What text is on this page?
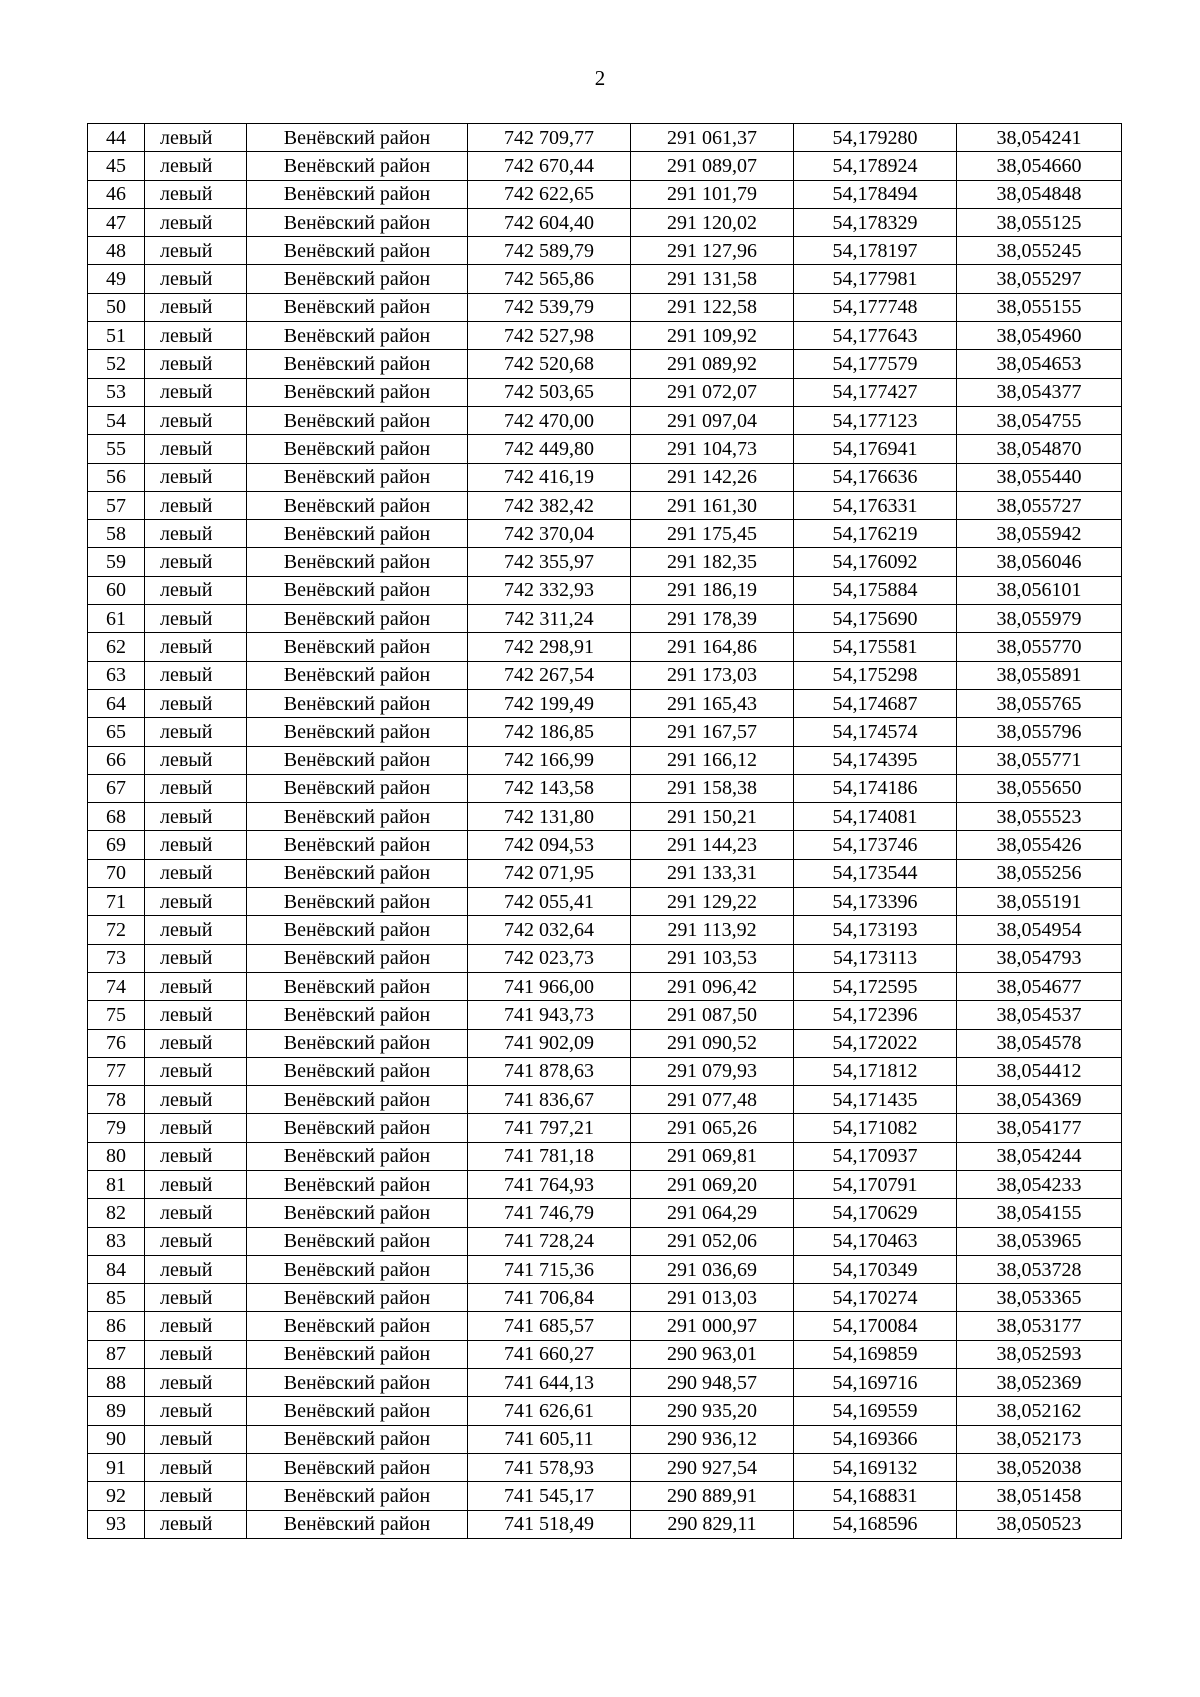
2
44	левый	Венёвский район	742 709,77	291 061,37	54,179280	38,054241
45	левый	Венёвский район	742 670,44	291 089,07	54,178924	38,054660
46	левый	Венёвский район	742 622,65	291 101,79	54,178494	38,054848
47	левый	Венёвский район	742 604,40	291 120,02	54,178329	38,055125
48	левый	Венёвский район	742 589,79	291 127,96	54,178197	38,055245
49	левый	Венёвский район	742 565,86	291 131,58	54,177981	38,055297
50	левый	Венёвский район	742 539,79	291 122,58	54,177748	38,055155
51	левый	Венёвский район	742 527,98	291 109,92	54,177643	38,054960
52	левый	Венёвский район	742 520,68	291 089,92	54,177579	38,054653
53	левый	Венёвский район	742 503,65	291 072,07	54,177427	38,054377
54	левый	Венёвский район	742 470,00	291 097,04	54,177123	38,054755
55	левый	Венёвский район	742 449,80	291 104,73	54,176941	38,054870
56	левый	Венёвский район	742 416,19	291 142,26	54,176636	38,055440
57	левый	Венёвский район	742 382,42	291 161,30	54,176331	38,055727
58	левый	Венёвский район	742 370,04	291 175,45	54,176219	38,055942
59	левый	Венёвский район	742 355,97	291 182,35	54,176092	38,056046
60	левый	Венёвский район	742 332,93	291 186,19	54,175884	38,056101
61	левый	Венёвский район	742 311,24	291 178,39	54,175690	38,055979
62	левый	Венёвский район	742 298,91	291 164,86	54,175581	38,055770
63	левый	Венёвский район	742 267,54	291 173,03	54,175298	38,055891
64	левый	Венёвский район	742 199,49	291 165,43	54,174687	38,055765
65	левый	Венёвский район	742 186,85	291 167,57	54,174574	38,055796
66	левый	Венёвский район	742 166,99	291 166,12	54,174395	38,055771
67	левый	Венёвский район	742 143,58	291 158,38	54,174186	38,055650
68	левый	Венёвский район	742 131,80	291 150,21	54,174081	38,055523
69	левый	Венёвский район	742 094,53	291 144,23	54,173746	38,055426
70	левый	Венёвский район	742 071,95	291 133,31	54,173544	38,055256
71	левый	Венёвский район	742 055,41	291 129,22	54,173396	38,055191
72	левый	Венёвский район	742 032,64	291 113,92	54,173193	38,054954
73	левый	Венёвский район	742 023,73	291 103,53	54,173113	38,054793
74	левый	Венёвский район	741 966,00	291 096,42	54,172595	38,054677
75	левый	Венёвский район	741 943,73	291 087,50	54,172396	38,054537
76	левый	Венёвский район	741 902,09	291 090,52	54,172022	38,054578
77	левый	Венёвский район	741 878,63	291 079,93	54,171812	38,054412
78	левый	Венёвский район	741 836,67	291 077,48	54,171435	38,054369
79	левый	Венёвский район	741 797,21	291 065,26	54,171082	38,054177
80	левый	Венёвский район	741 781,18	291 069,81	54,170937	38,054244
81	левый	Венёвский район	741 764,93	291 069,20	54,170791	38,054233
82	левый	Венёвский район	741 746,79	291 064,29	54,170629	38,054155
83	левый	Венёвский район	741 728,24	291 052,06	54,170463	38,053965
84	левый	Венёвский район	741 715,36	291 036,69	54,170349	38,053728
85	левый	Венёвский район	741 706,84	291 013,03	54,170274	38,053365
86	левый	Венёвский район	741 685,57	291 000,97	54,170084	38,053177
87	левый	Венёвский район	741 660,27	290 963,01	54,169859	38,052593
88	левый	Венёвский район	741 644,13	290 948,57	54,169716	38,052369
89	левый	Венёвский район	741 626,61	290 935,20	54,169559	38,052162
90	левый	Венёвский район	741 605,11	290 936,12	54,169366	38,052173
91	левый	Венёвский район	741 578,93	290 927,54	54,169132	38,052038
92	левый	Венёвский район	741 545,17	290 889,91	54,168831	38,051458
93	левый	Венёвский район	741 518,49	290 829,11	54,168596	38,050523
